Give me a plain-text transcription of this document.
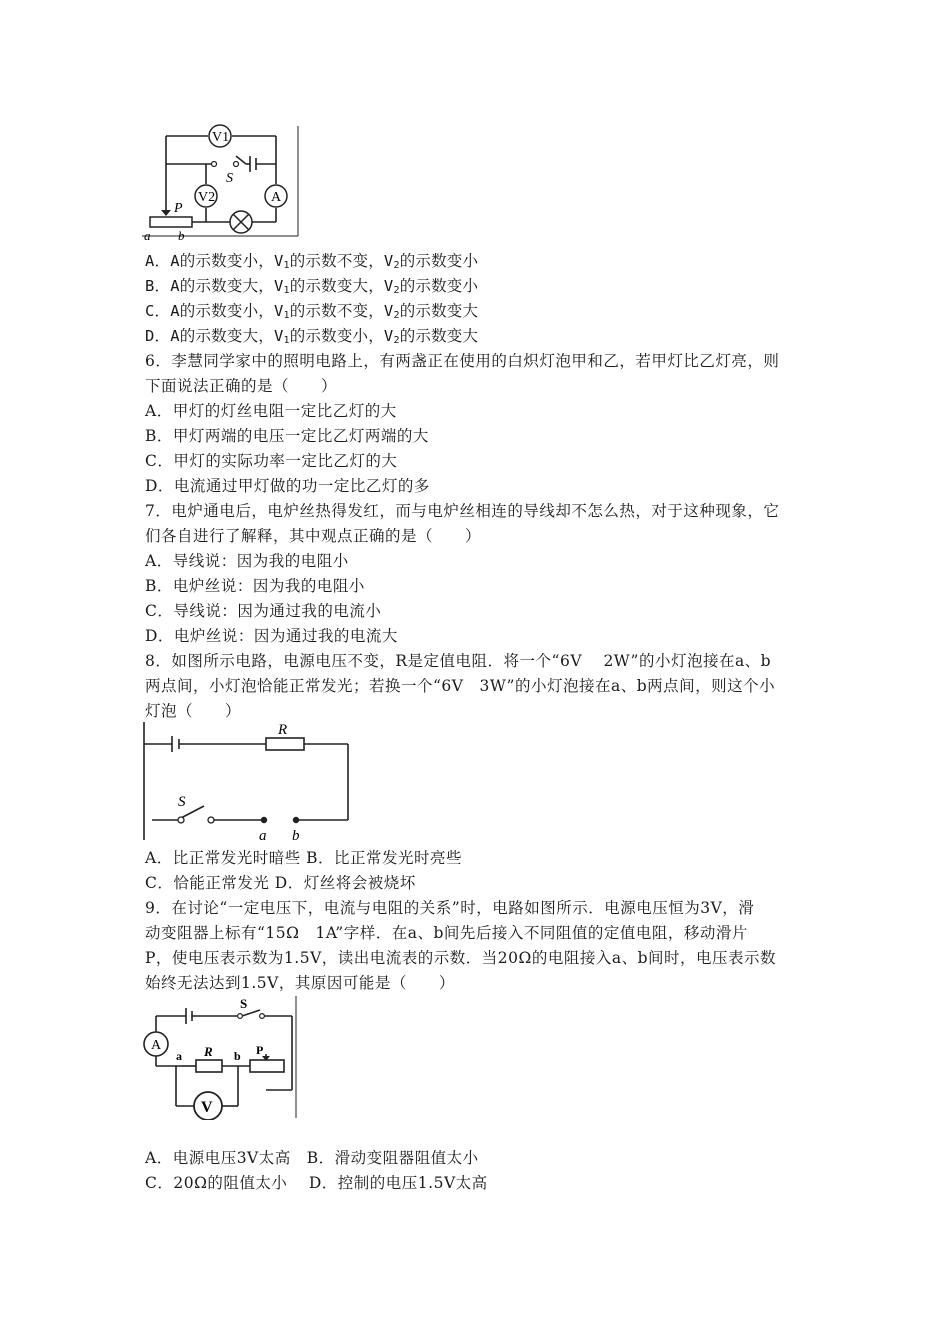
V1
V2	A
S
P
a b
A．A的示数变小，$V_1$的示数不变，$V_2$的示数变小
B．A的示数变大，$V_1$的示数变大，$V_2$的示数变小
C．A的示数变小，$V_1$的示数不变，$V_2$的示数变大
D．A的示数变大，$V_1$的示数变小，$V_2$的示数变大
6．李慧同学家中的照明电路上，有两盏正在使用的白炽灯泡甲和乙，若甲灯比乙灯亮，则
下面说法正确的是（　　）
A．甲灯的灯丝电阻一定比乙灯的大
B．甲灯两端的电压一定比乙灯两端的大
C．甲灯的实际功率一定比乙灯的大
D．电流通过甲灯做的功一定比乙灯的多
7．电炉通电后，电炉丝热得发红，而与电炉丝相连的导线却不怎么热，对于这种现象，它
们各自进行了解释，其中观点正确的是（　　）
A．导线说：因为我的电阻小
B．电炉丝说：因为我的电阻小
C．导线说：因为通过我的电流小
D．电炉丝说：因为通过我的电流大
8．如图所示电路，电源电压不变，R是定值电阻．将一个“6V　 2W”的小灯泡接在a、b
两点间，小灯泡恰能正常发光；若换一个“6V　3W”的小灯泡接在a、b两点间，则这个小
灯泡（　　）
R
S
a b
A．比正常发光时暗些 B．比正常发光时亮些
C．恰能正常发光 D．灯丝将会被烧坏
9．在讨论“一定电压下，电流与电阻的关系”时，电路如图所示．电源电压恒为3V，滑
动变阻器上标有“15Ω　1A”字样．在a、b间先后接入不同阻值的定值电阻，移动滑片
P，使电压表示数为1.5V，读出电流表的示数．当20Ω的电阻接入a、b间时，电压表示数
始终无法达到1.5V，其原因可能是（　　）
A
S
a R b P
V
A．电源电压3V太高　B．滑动变阻器阻值太小
C．20Ω的阻值太小　 D．控制的电压1.5V太高
